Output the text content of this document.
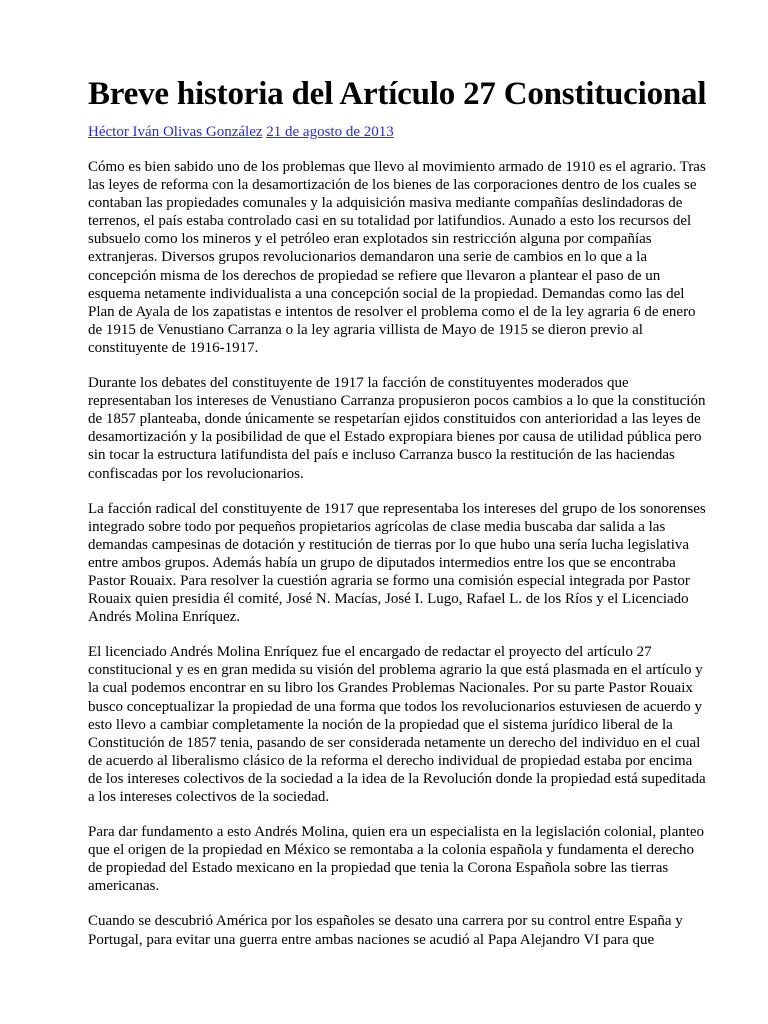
Breve historia del Artículo 27 Constitucional
Héctor Iván Olivas González 21 de agosto de 2013

Cómo es bien sabido uno de los problemas que llevo al movimiento armado de 1910 es el agrario. Tras las leyes de reforma con la desamortización de los bienes de las corporaciones dentro de los cuales se contaban las propiedades comunales y la adquisición masiva mediante compañías deslindadoras de terrenos, el país estaba controlado casi en su totalidad por latifundios. Aunado a esto los recursos del subsuelo como los mineros y el petróleo eran explotados sin restricción alguna por compañías extranjeras. Diversos grupos revolucionarios demandaron una serie de cambios en lo que a la concepción misma de los derechos de propiedad se refiere que llevaron a plantear el paso de un esquema netamente individualista a una concepción social de la propiedad. Demandas como las del Plan de Ayala de los zapatistas e intentos de resolver el problema como el de la ley agraria 6 de enero de 1915 de Venustiano Carranza o la ley agraria villista de Mayo de 1915 se dieron previo al constituyente de 1916-1917.

Durante los debates del constituyente de 1917 la facción de constituyentes moderados que representaban los intereses de Venustiano Carranza propusieron pocos cambios a lo que la constitución de 1857 planteaba, donde únicamente se respetarían ejidos constituidos con anterioridad a las leyes de desamortización y la posibilidad de que el Estado expropiara bienes por causa de utilidad pública pero sin tocar la estructura latifundista del país e incluso Carranza busco la restitución de las haciendas confiscadas por los revolucionarios.

La facción radical del constituyente de 1917 que representaba los intereses del grupo de los sonorenses integrado sobre todo por pequeños propietarios agrícolas de clase media buscaba dar salida a las demandas campesinas de dotación y restitución de tierras por lo que hubo una sería lucha legislativa entre ambos grupos. Además había un grupo de diputados intermedios entre los que se encontraba Pastor Rouaix. Para resolver la cuestión agraria se formo una comisión especial integrada por Pastor Rouaix quien presidia él comité, José N. Macías, José I. Lugo, Rafael L. de los Ríos y el Licenciado Andrés Molina Enríquez.

El licenciado Andrés Molina Enríquez fue el encargado de redactar el proyecto del artículo 27 constitucional y es en gran medida su visión del problema agrario la que está plasmada en el artículo y la cual podemos encontrar en su libro los Grandes Problemas Nacionales. Por su parte Pastor Rouaix busco conceptualizar la propiedad de una forma que todos los revolucionarios estuviesen de acuerdo y esto llevo a cambiar completamente la noción de la propiedad que el sistema jurídico liberal de la Constitución de 1857 tenia, pasando de ser considerada netamente un derecho del individuo en el cual de acuerdo al liberalismo clásico de la reforma el derecho individual de propiedad estaba por encima de los intereses colectivos de la sociedad a la idea de la Revolución donde la propiedad está supeditada a los intereses colectivos de la sociedad.

Para dar fundamento a esto Andrés Molina, quien era un especialista en la legislación colonial, planteo que el origen de la propiedad en México se remontaba a la colonia española y fundamenta el derecho de propiedad del Estado mexicano en la propiedad que tenia la Corona Española sobre las tierras americanas.

Cuando se descubrió América por los españoles se desato una carrera por su control entre España y Portugal, para evitar una guerra entre ambas naciones se acudió al Papa Alejandro VI para que
